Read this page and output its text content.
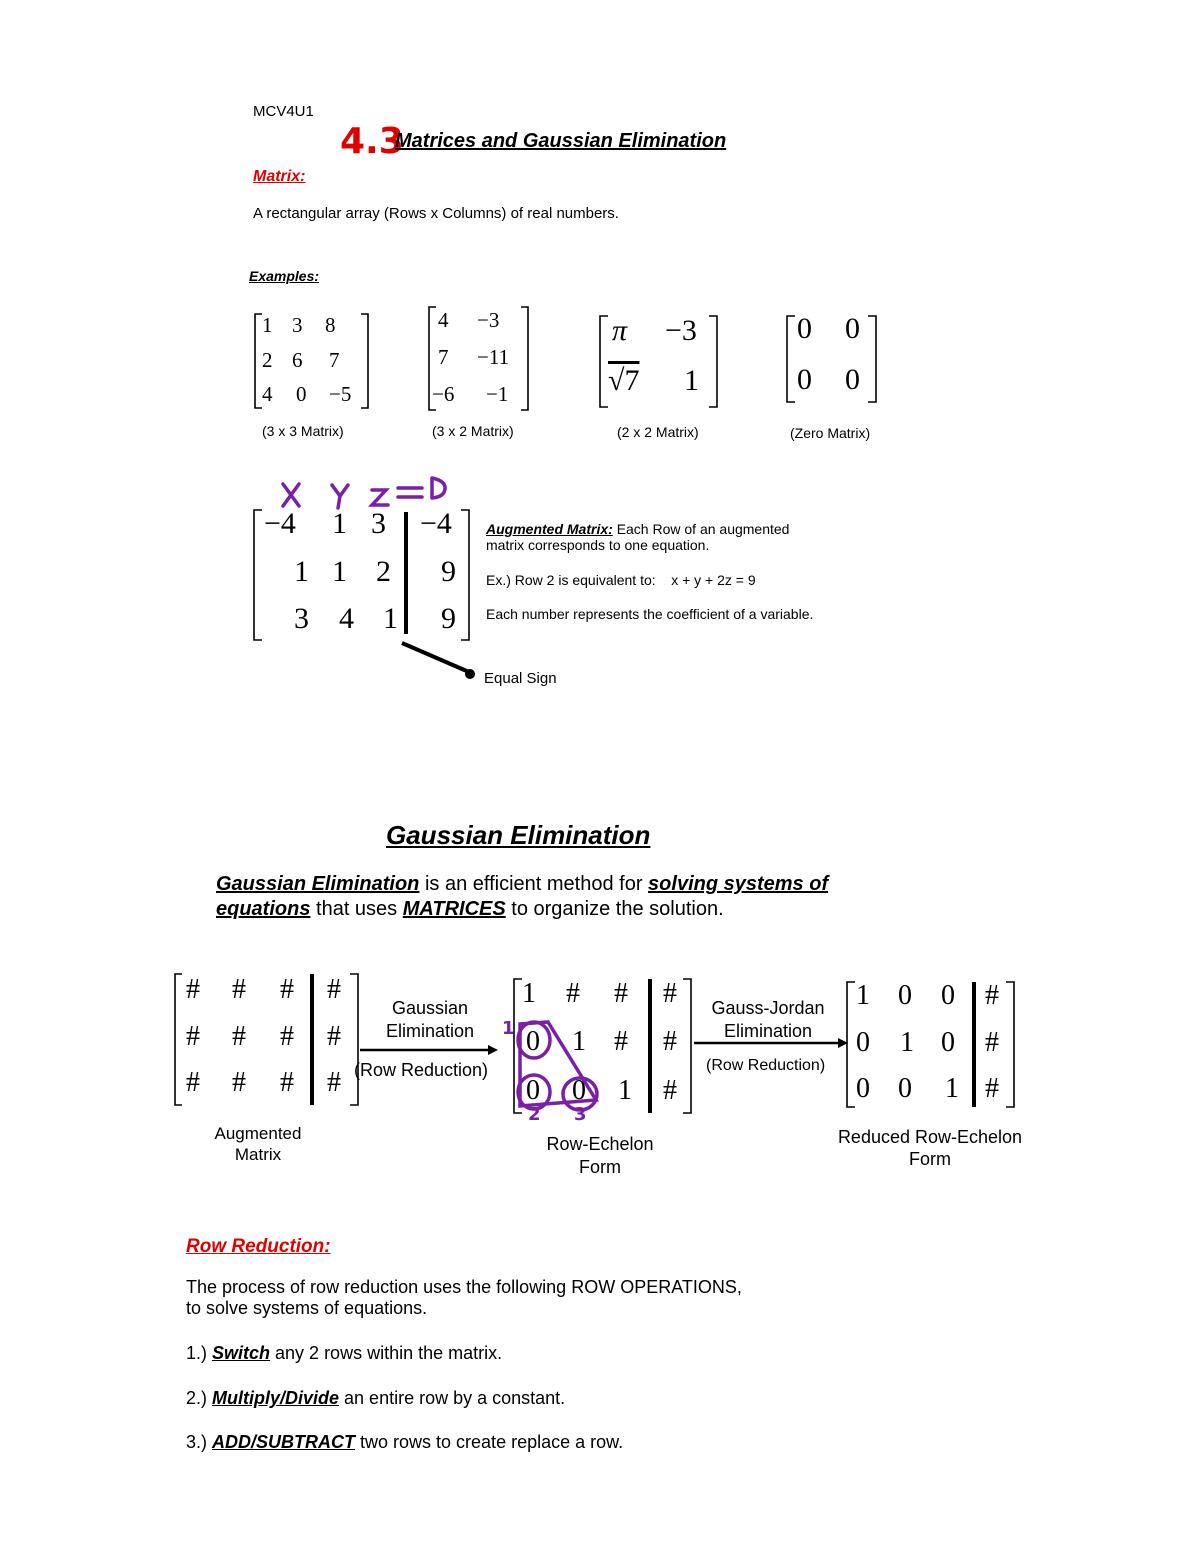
MCV4U1
4.3
Matrices and Gaussian Elimination
Matrix:
A rectangular array (Rows x Columns) of real numbers.
Examples:
1 3 8
2 6 7
4 0 −5
(3 x 3 Matrix)
4 −3
7 −11
−6 −1
(3 x 2 Matrix)
π −3
√7 1
(2 x 2 Matrix)
0 0
0 0
(Zero Matrix)
−4 1 3 −4
1 1 2 9
3 4 1 9
Augmented Matrix: Each Row of an augmented
matrix corresponds to one equation.
Ex.) Row 2 is equivalent to:    x + y + 2z = 9
Each number represents the coefficient of a variable.
Equal Sign
Gaussian Elimination
Gaussian Elimination is an efficient method for solving systems of
equations that uses MATRICES to organize the solution.
# # # #
# # # #
# # # #
Augmented
Matrix
Gaussian
Elimination
(Row Reduction)
1 # # #
0 1 # #
0 0 1 #
1
2 3
Row-Echelon
Form
Gauss-Jordan
Elimination
(Row Reduction)
1 0 0 #
0 1 0 #
0 0 1 #
Reduced Row-Echelon
Form
Row Reduction:
The process of row reduction uses the following ROW OPERATIONS,
to solve systems of equations.
1.) Switch any 2 rows within the matrix.
2.) Multiply/Divide an entire row by a constant.
3.) ADD/SUBTRACT two rows to create replace a row.
